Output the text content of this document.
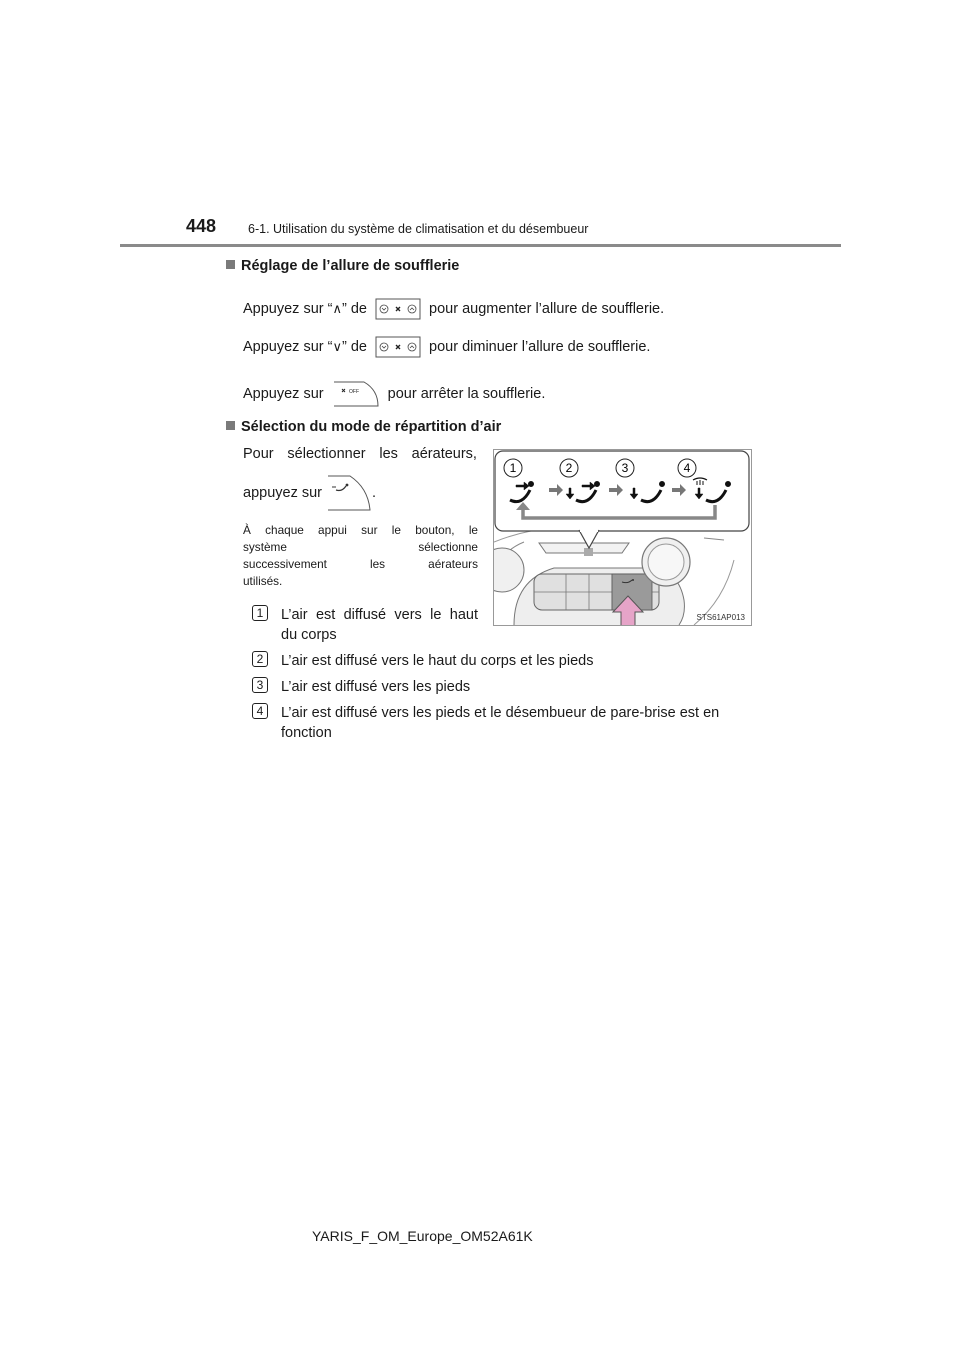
448	6-1. Utilisation du système de climatisation et du désembueur
Réglage de l’allure de soufflerie
Appuyez sur “∧” de	pour augmenter l’allure de soufflerie.
Appuyez sur “∨” de	pour diminuer l’allure de soufflerie.
Appuyez sur	OFF pour arrêter la soufflerie.
Sélection du mode de répartition d’air
Pour sélectionner les aérateurs,
appuyez sur	.
À chaque appui sur le bouton, le
système	sélectionne
successivement	les	aérateurs
utilisés.
1	L’air est diffusé vers le haut
du corps
2	L’air est diffusé vers le haut du corps et les pieds
3	L’air est diffusé vers les pieds
4	L’air est diffusé vers les pieds et le désembueur de pare-brise est en
fonction
1	2	3	4
STS61AP013
YARIS_F_OM_Europe_OM52A61K
